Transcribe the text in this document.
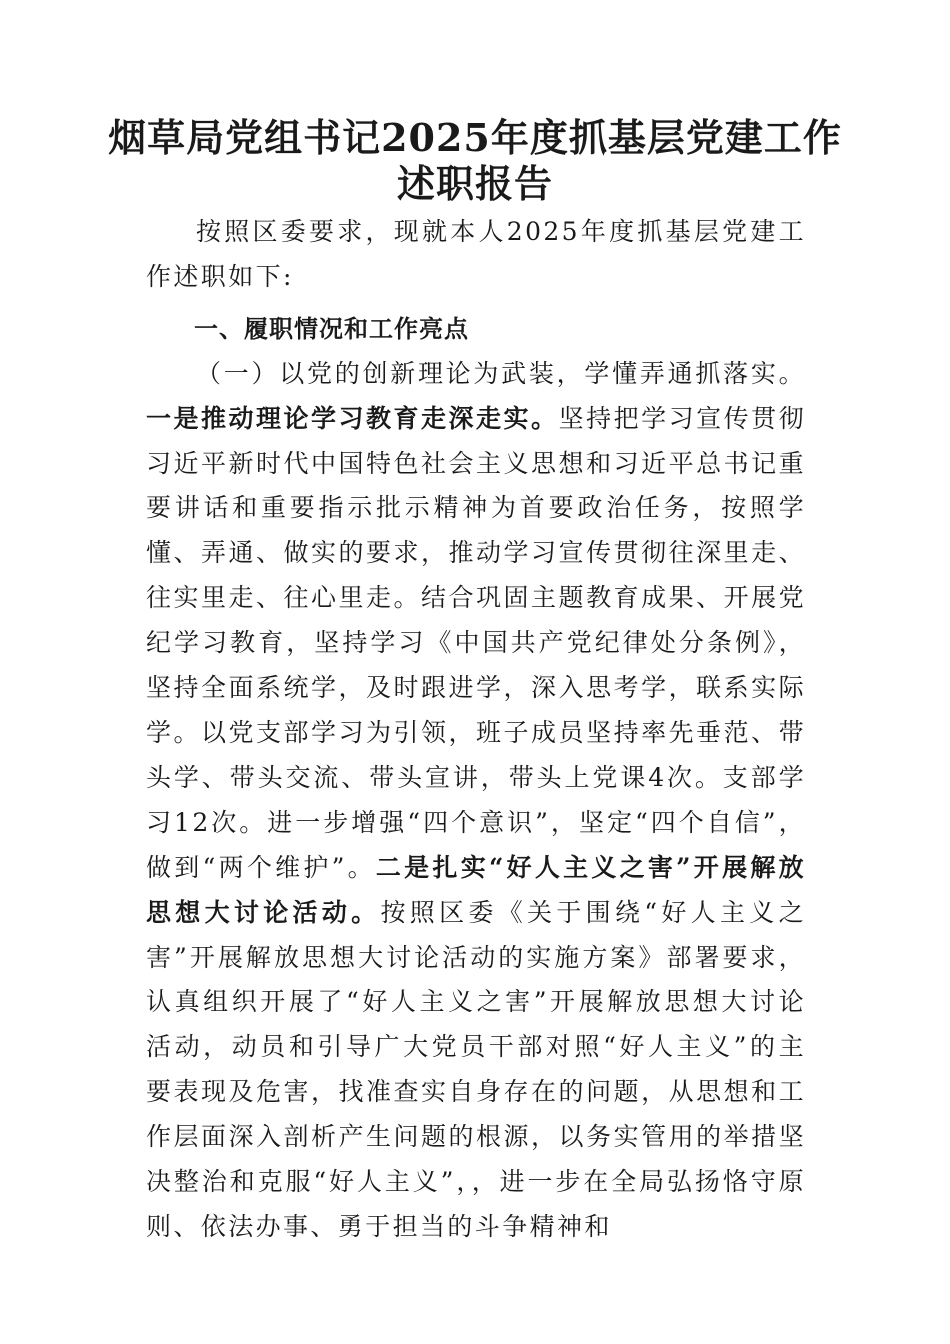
烟草局党组书记2025年度抓基层党建工作
述职报告

按照区委要求，现就本人2025年度抓基层党建工作述职如下:

一、履职情况和工作亮点

（一）以党的创新理论为武装，学懂弄通抓落实。一是推动理论学习教育走深走实。坚持把学习宣传贯彻习近平新时代中国特色社会主义思想和习近平总书记重要讲话和重要指示批示精神为首要政治任务，按照学懂、弄通、做实的要求，推动学习宣传贯彻往深里走、往实里走、往心里走。结合巩固主题教育成果、开展党纪学习教育，坚持学习《中国共产党纪律处分条例》，坚持全面系统学，及时跟进学，深入思考学，联系实际学。以党支部学习为引领，班子成员坚持率先垂范、带头学、带头交流、带头宣讲，带头上党课4次。支部学习12次。进一步增强“四个意识”，坚定“四个自信”，做到“两个维护”。二是扎实“好人主义之害”开展解放思想大讨论活动。按照区委《关于围绕“好人主义之害”开展解放思想大讨论活动的实施方案》部署要求，认真组织开展了“好人主义之害”开展解放思想大讨论活动，动员和引导广大党员干部对照“好人主义”的主要表现及危害，找准查实自身存在的问题，从思想和工作层面深入剖析产生问题的根源，以务实管用的举措坚决整治和克服“好人主义”，，进一步在全局弘扬恪守原则、依法办事、勇于担当的斗争精神和
